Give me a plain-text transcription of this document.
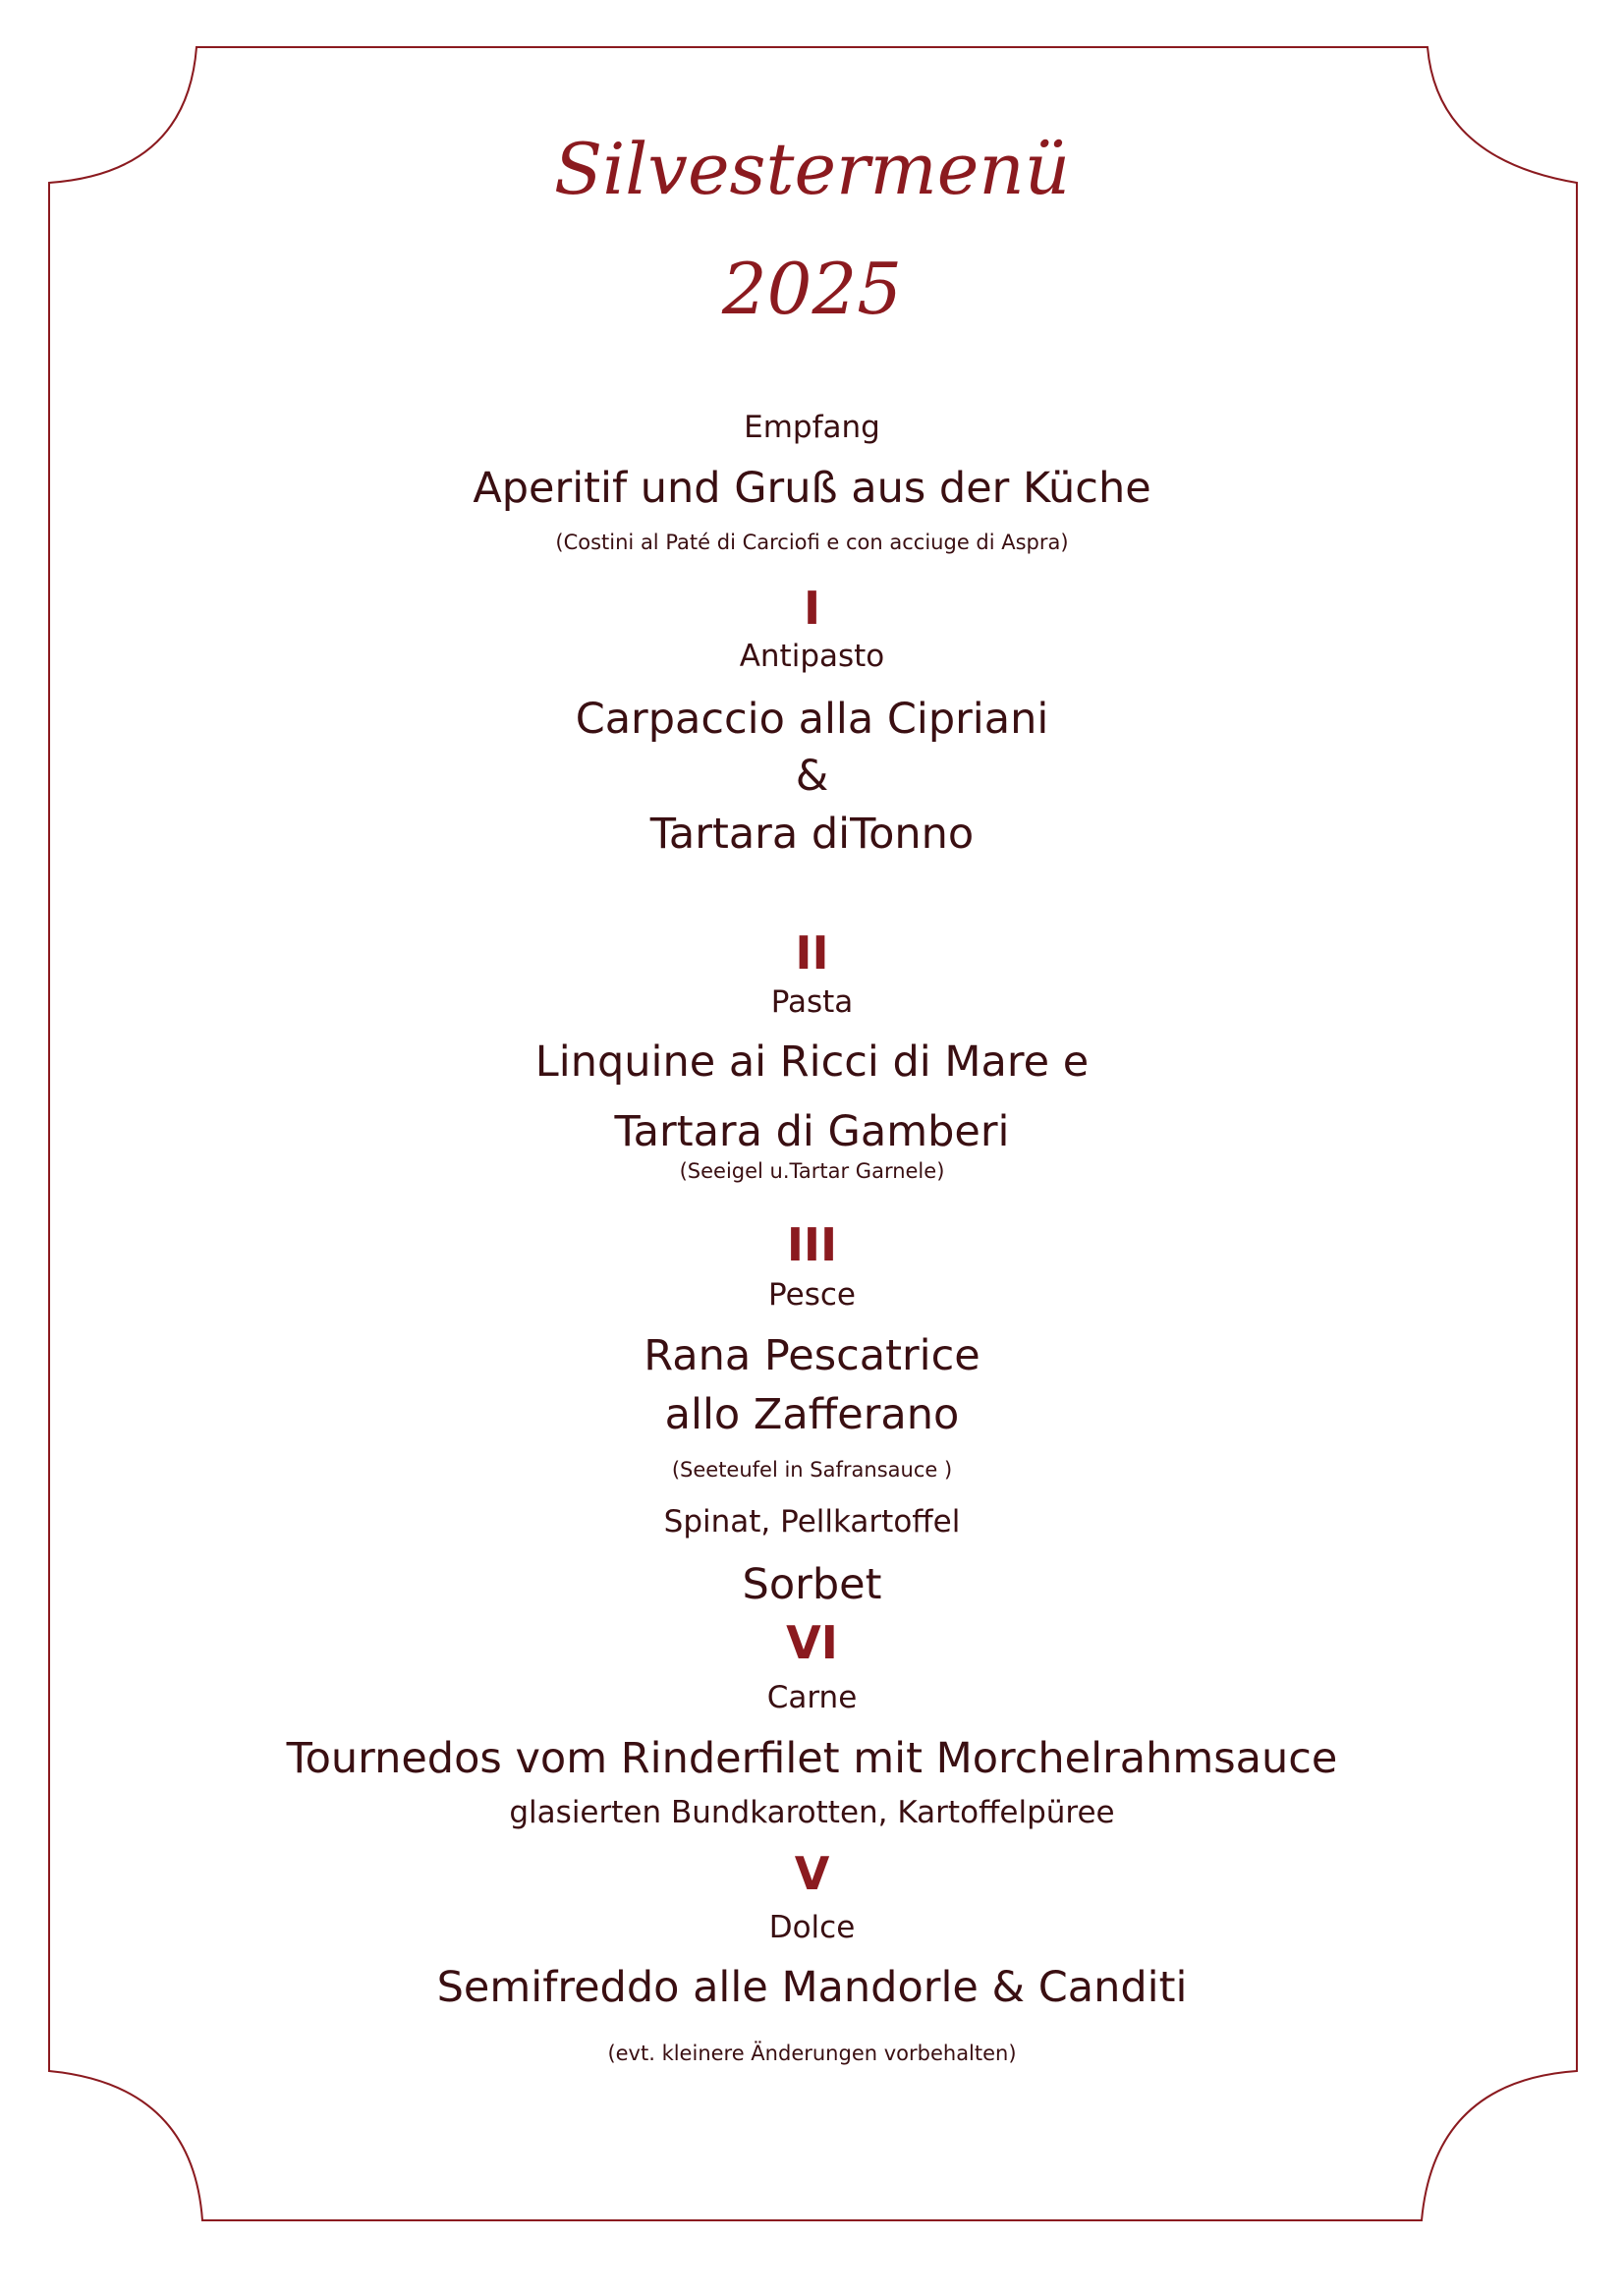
Silvestermenü
2025
Empfang
Aperitif und Gruß aus der Küche
(Costini al Paté di Carciofi e con acciuge di Aspra)
I
Antipasto
Carpaccio alla Cipriani
&
Tartara diTonno
II
Pasta
Linquine ai Ricci di Mare e
Tartara di Gamberi
(Seeigel u.Tartar Garnele)
III
Pesce
Rana Pescatrice
allo Zafferano
(Seeteufel in Safransauce )
Spinat, Pellkartoffel
Sorbet
VI
Carne
Tournedos vom Rinderfilet mit Morchelrahmsauce
glasierten Bundkarotten, Kartoffelpüree
V
Dolce
Semifreddo alle Mandorle & Canditi
(evt. kleinere Änderungen vorbehalten)
